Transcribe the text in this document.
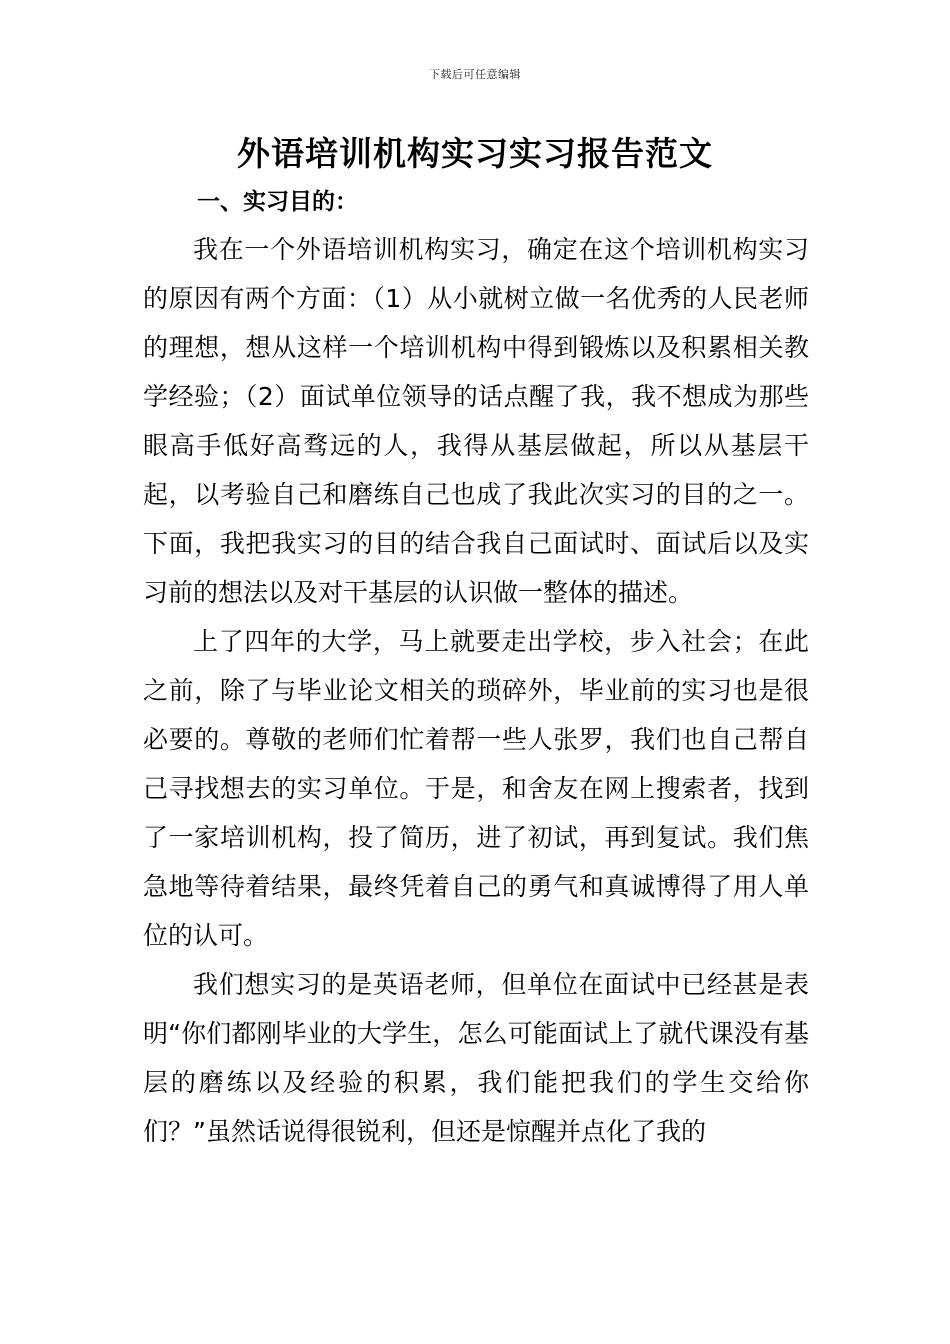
下载后可任意编辑
外语培训机构实习实习报告范文
一、实习目的：

我在一个外语培训机构实习，确定在这个培训机构实习的原因有两个方面：（1）从小就树立做一名优秀的人民老师的理想，想从这样一个培训机构中得到锻炼以及积累相关教学经验；（2）面试单位领导的话点醒了我，我不想成为那些眼高手低好高骛远的人，我得从基层做起，所以从基层干起，以考验自己和磨练自己也成了我此次实习的目的之一。下面，我把我实习的目的结合我自己面试时、面试后以及实习前的想法以及对干基层的认识做一整体的描述。

上了四年的大学，马上就要走出学校，步入社会；在此之前，除了与毕业论文相关的琐碎外，毕业前的实习也是很必要的。尊敬的老师们忙着帮一些人张罗，我们也自己帮自己寻找想去的实习单位。于是，和舍友在网上搜索者，找到了一家培训机构，投了简历，进了初试，再到复试。我们焦急地等待着结果，最终凭着自己的勇气和真诚博得了用人单位的认可。

我们想实习的是英语老师，但单位在面试中已经甚是表明“你们都刚毕业的大学生，怎么可能面试上了就代课没有基层的磨练以及经验的积累，我们能把我们的学生交给你们？”虽然话说得很锐利，但还是惊醒并点化了我的
